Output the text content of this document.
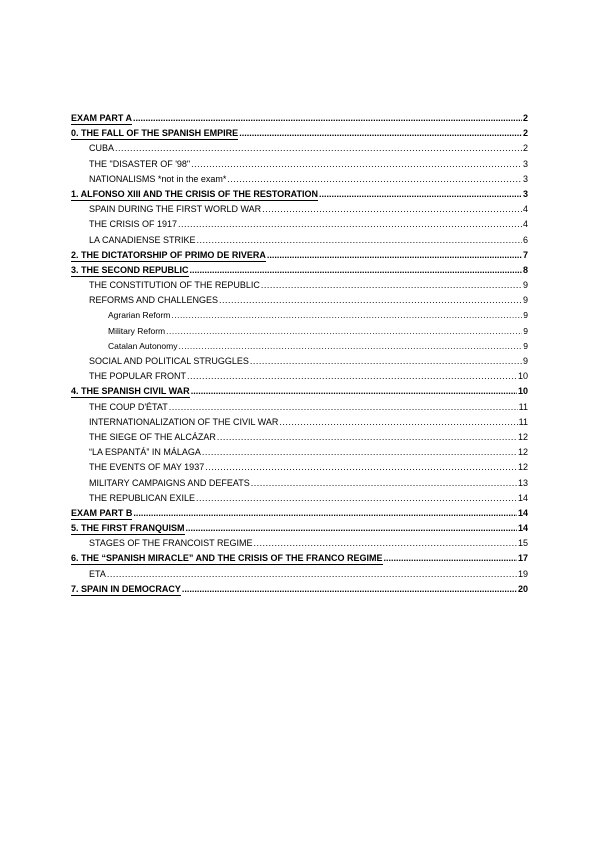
EXAM PART A .....	2
0. THE FALL OF THE SPANISH EMPIRE .....	2
CUBA .....	2
THE "DISASTER OF '98" .....	3
NATIONALISMS *not in the exam* .....	3
1. ALFONSO XIII AND THE CRISIS OF THE RESTORATION .....	3
SPAIN DURING THE FIRST WORLD WAR .....	4
THE CRISIS OF 1917 .....	4
LA CANADIENSE STRIKE .....	6
2. THE DICTATORSHIP OF PRIMO DE RIVERA .....	7
3. THE SECOND REPUBLIC .....	8
THE CONSTITUTION OF THE REPUBLIC .....	9
REFORMS AND CHALLENGES .....	9
Agrarian Reform .....	9
Military Reform .....	9
Catalan Autonomy .....	9
SOCIAL AND POLITICAL STRUGGLES .....	9
THE POPULAR FRONT .....	10
4. THE SPANISH CIVIL WAR .....	10
THE COUP D'ÉTAT .....	11
INTERNATIONALIZATION OF THE CIVIL WAR .....	11
THE SIEGE OF THE ALCÁZAR .....	12
“LA ESPANTÁ” IN MÁLAGA .....	12
THE EVENTS OF MAY 1937 .....	12
MILITARY CAMPAIGNS AND DEFEATS .....	13
THE REPUBLICAN EXILE .....	14
EXAM PART B .....	14
5. THE FIRST FRANQUISM .....	14
STAGES OF THE FRANCOIST REGIME .....	15
6. THE “SPANISH MIRACLE” AND THE CRISIS OF THE FRANCO REGIME .....	17
ETA .....	19
7. SPAIN IN DEMOCRACY .....	20
